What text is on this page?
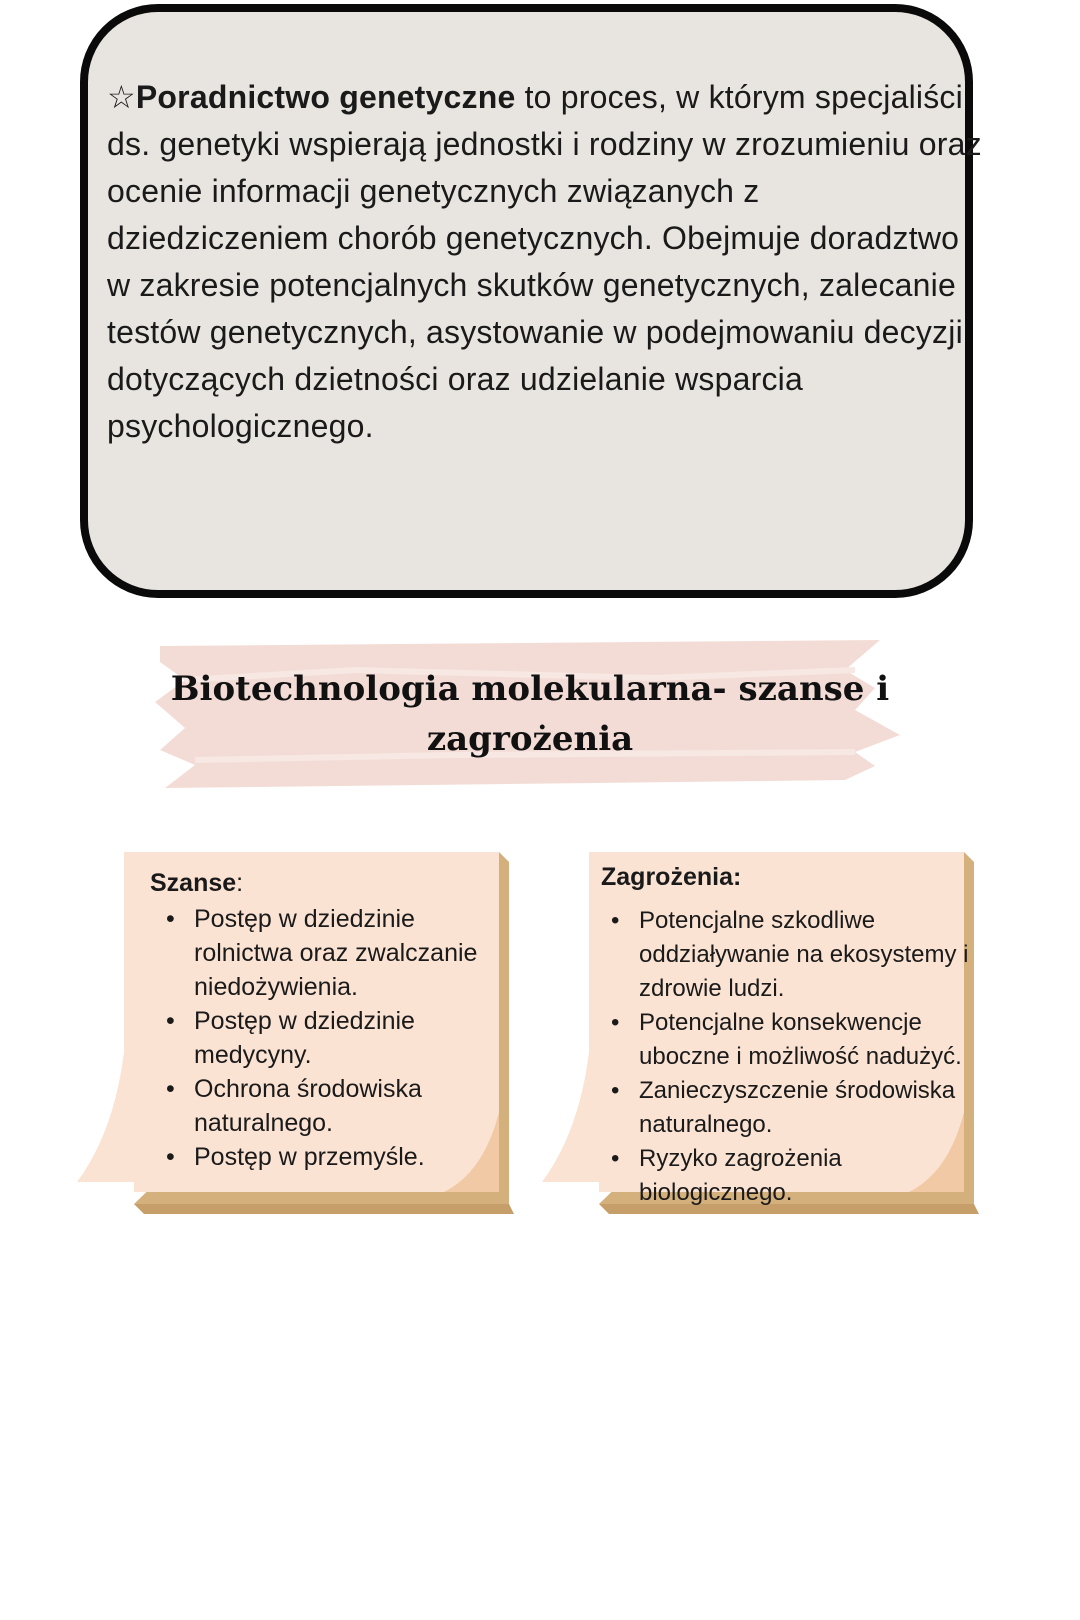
☆Poradnictwo genetyczne to proces, w którym specjaliści ds. genetyki wspierają jednostki i rodziny w zrozumieniu oraz ocenie informacji genetycznych związanych z dziedziczeniem chorób genetycznych. Obejmuje doradztwo w zakresie potencjalnych skutków genetycznych, zalecanie testów genetycznych, asystowanie w podejmowaniu decyzji dotyczących dzietności oraz udzielanie wsparcia psychologicznego.
Biotechnologia molekularna- szanse i zagrożenia
Szanse:
• Postęp w dziedzinie rolnictwa oraz zwalczanie niedożywienia.
• Postęp w dziedzinie medycyny.
• Ochrona środowiska naturalnego.
• Postęp w przemyśle.
Zagrożenia:
• Potencjalne szkodliwe oddziaływanie na ekosystemy i zdrowie ludzi.
• Potencjalne konsekwencje uboczne i możliwość nadużyć.
• Zanieczyszczenie środowiska naturalnego.
• Ryzyko zagrożenia biologicznego.
